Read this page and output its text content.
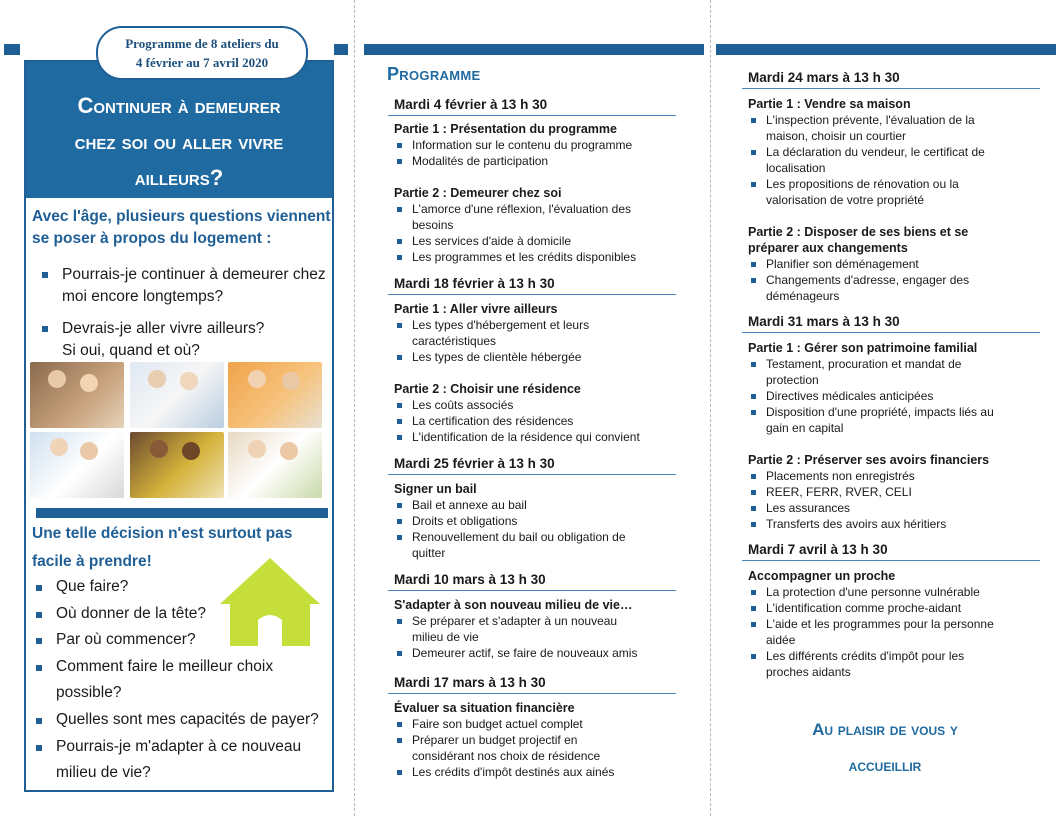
Programme de 8 ateliers du
4 février au 7 avril 2020
Continuer à demeurer
chez soi ou aller vivre
ailleurs?
Avec l'âge, plusieurs questions viennent
se poser à propos du logement :
Pourrais-je continuer à demeurer chez
moi encore longtemps?
Devrais-je aller vivre ailleurs?
Si oui, quand et où?
Une telle décision n'est surtout pas
facile à prendre!
Que faire?
Où donner de la tête?
Par où commencer?
Comment faire le meilleur choix
possible?
Quelles sont mes capacités de payer?
Pourrais-je m'adapter à ce nouveau
milieu de vie?
Programme
Mardi 4 février à 13 h 30
Partie 1 : Présentation du programme
Information sur le contenu du programme
Modalités de participation
Partie 2 : Demeurer chez soi
L'amorce d'une réflexion, l'évaluation des
besoins
Les services d'aide à domicile
Les programmes et les crédits disponibles
Mardi 18 février à 13 h 30
Partie 1 : Aller vivre ailleurs
Les types d'hébergement et leurs
caractéristiques
Les types de clientèle hébergée
Partie 2 : Choisir une résidence
Les coûts associés
La certification des résidences
L'identification de la résidence qui convient
Mardi 25 février à 13 h 30
Signer un bail
Bail et annexe au bail
Droits et obligations
Renouvellement du bail ou obligation de
quitter
Mardi 10 mars à 13 h 30
S'adapter à son nouveau milieu de vie…
Se préparer et s'adapter à un nouveau
milieu de vie
Demeurer actif, se faire de nouveaux amis
Mardi 17 mars à 13 h 30
Évaluer sa situation financière
Faire son budget actuel complet
Préparer un budget projectif en
considérant nos choix de résidence
Les crédits d'impôt destinés aux ainés
Mardi 24 mars à 13 h 30
Partie 1 : Vendre sa maison
L'inspection prévente, l'évaluation de la
maison, choisir un courtier
La déclaration du vendeur, le certificat de
localisation
Les propositions de rénovation ou la
valorisation de votre propriété
Partie 2 : Disposer de ses biens et se
préparer aux changements
Planifier son déménagement
Changements d'adresse, engager des
déménageurs
Mardi 31 mars à 13 h 30
Partie 1 : Gérer son patrimoine familial
Testament, procuration et mandat de
protection
Directives médicales anticipées
Disposition d'une propriété, impacts liés au
gain en capital
Partie 2 : Préserver ses avoirs financiers
Placements non enregistrés
REER, FERR, RVER, CELI
Les assurances
Transferts des avoirs aux héritiers
Mardi 7 avril à 13 h 30
Accompagner un proche
La protection d'une personne vulnérable
L'identification comme proche-aidant
L'aide et les programmes pour la personne
aidée
Les différents crédits d'impôt pour les
proches aidants
Au plaisir de vous y
accueillir
